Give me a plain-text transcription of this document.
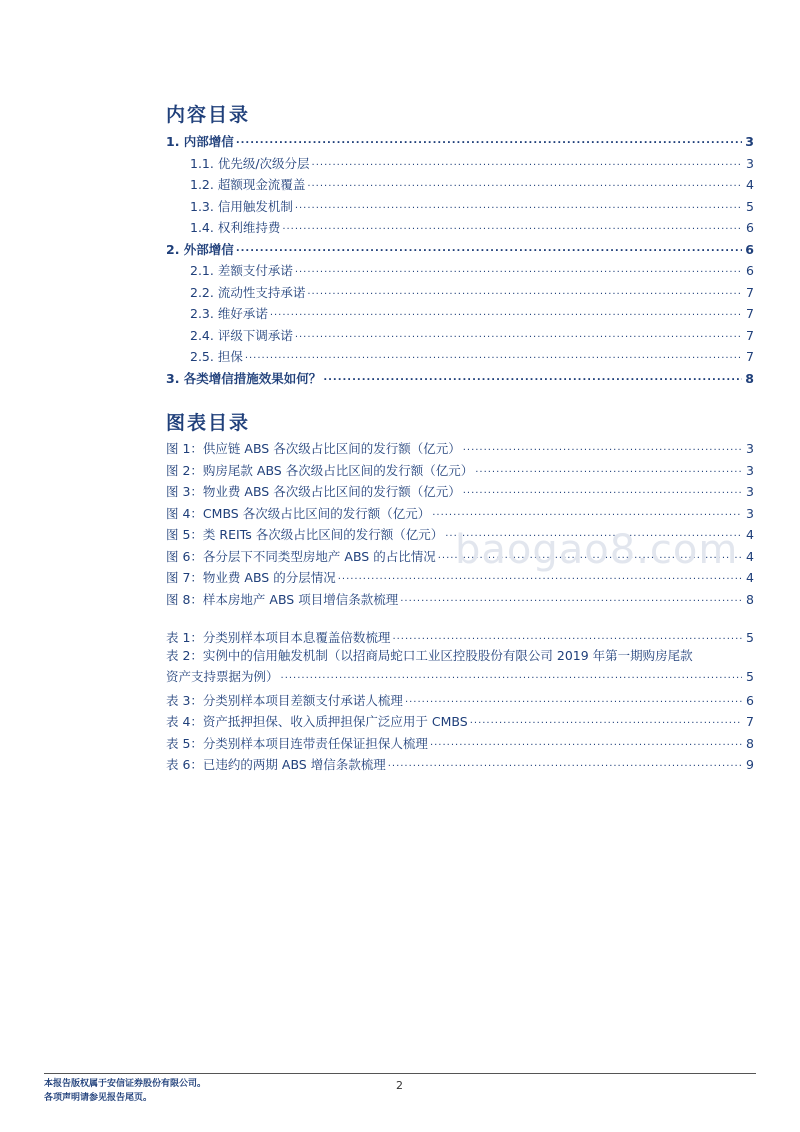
内容目录
1. 内部增信 .....	3
1.1. 优先级/次级分层 .....	3
1.2. 超额现金流覆盖 .....	4
1.3. 信用触发机制 .....	5
1.4. 权利维持费 .....	6
2. 外部增信 .....	6
2.1. 差额支付承诺 .....	6
2.2. 流动性支持承诺 .....	7
2.3. 维好承诺 .....	7
2.4. 评级下调承诺 .....	7
2.5. 担保 .....	7
3. 各类增信措施效果如何？ .....	8
图表目录
图 1：供应链 ABS 各次级占比区间的发行额（亿元） .....	3
图 2：购房尾款 ABS 各次级占比区间的发行额（亿元） .....	3
图 3：物业费 ABS 各次级占比区间的发行额（亿元） .....	3
图 4：CMBS 各次级占比区间的发行额（亿元） .....	3
图 5：类 REITs 各次级占比区间的发行额（亿元） .....	4
图 6：各分层下不同类型房地产 ABS 的占比情况 .....	4
图 7：物业费 ABS 的分层情况 .....	4
图 8：样本房地产 ABS 项目增信条款梳理 .....	8
表 1：分类别样本项目本息覆盖倍数梳理 .....	5
表 2：实例中的信用触发机制（以招商局蛇口工业区控股股份有限公司 2019 年第一期购房尾款
资产支持票据为例） .....	5
表 3：分类别样本项目差额支付承诺人梳理 .....	6
表 4：资产抵押担保、收入质押担保广泛应用于 CMBS .....	7
表 5：分类别样本项目连带责任保证担保人梳理 .....	8
表 6：已违约的两期 ABS 增信条款梳理 .....	9
baogao8.com
本报告版权属于安信证券股份有限公司。
各项声明请参见报告尾页。
2
